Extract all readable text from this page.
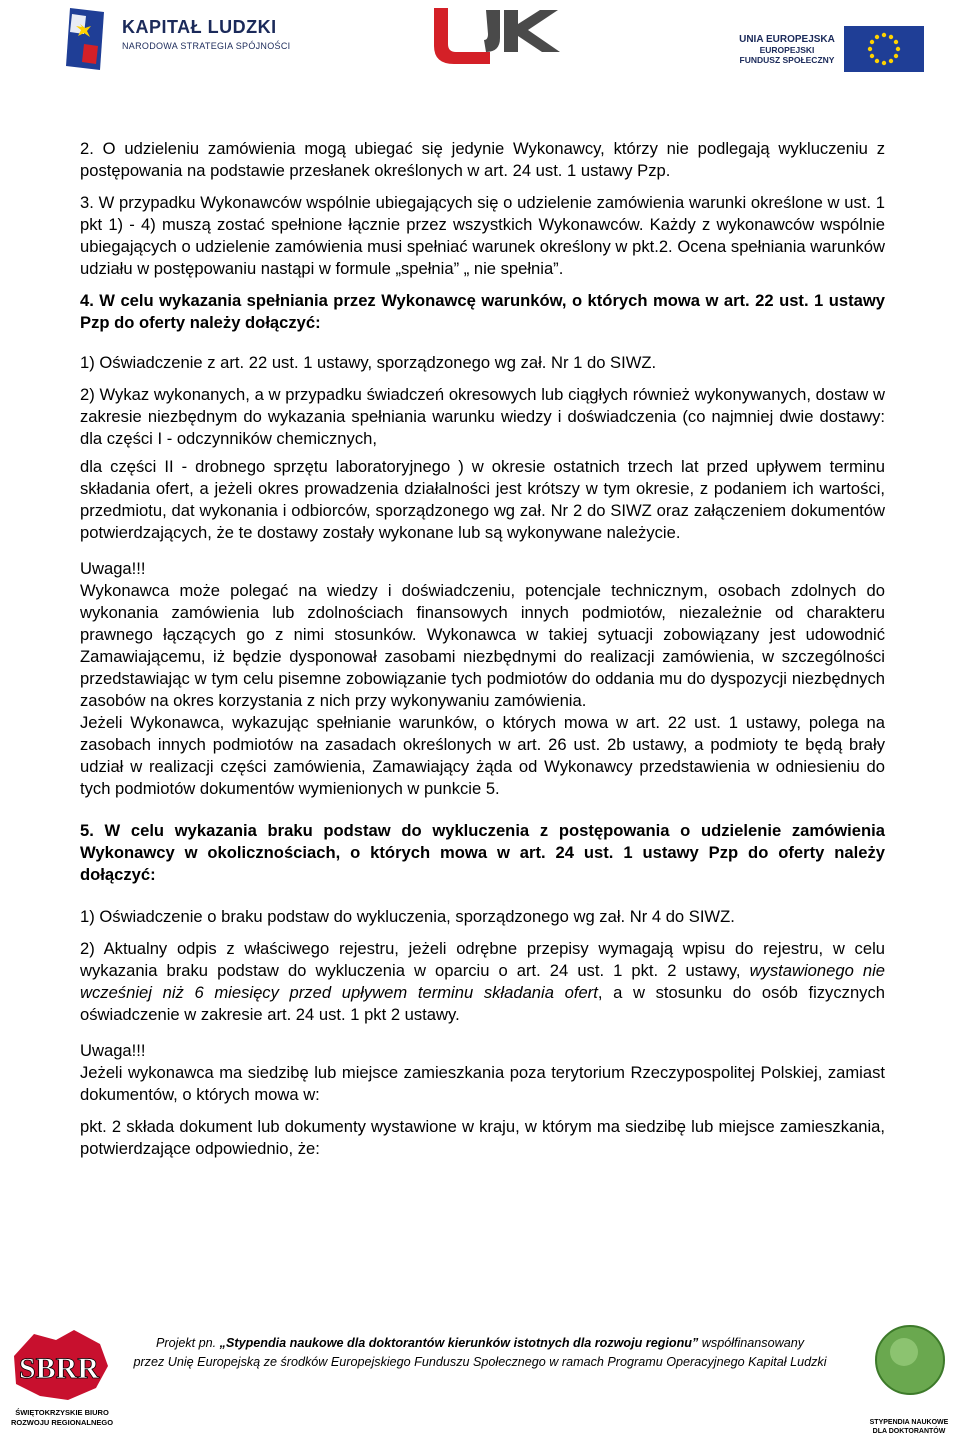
KAPITAŁ LUDZKI
NARODOWA STRATEGIA SPÓJNOŚCI
UNIA EUROPEJSKA
EUROPEJSKI
FUNDUSZ SPOŁECZNY

2. O udzieleniu zamówienia mogą ubiegać się jedynie Wykonawcy, którzy nie podlegają wykluczeniu z postępowania na podstawie przesłanek określonych w art. 24 ust. 1 ustawy Pzp.

3. W przypadku Wykonawców wspólnie ubiegających się o udzielenie zamówienia warunki określone w ust. 1 pkt 1) - 4) muszą zostać spełnione łącznie przez wszystkich Wykonawców. Każdy z wykonawców wspólnie ubiegających o udzielenie zamówienia musi spełniać warunek określony w pkt.2. Ocena spełniania warunków udziału w postępowaniu nastąpi w formule „spełnia” „ nie spełnia”.

4. W celu wykazania spełniania przez Wykonawcę warunków, o których mowa w art. 22 ust. 1 ustawy Pzp do oferty należy dołączyć:

1) Oświadczenie z art. 22 ust. 1 ustawy, sporządzonego wg zał. Nr 1 do SIWZ.

2) Wykaz wykonanych, a w przypadku świadczeń okresowych lub ciągłych również wykonywanych, dostaw w zakresie niezbędnym do wykazania spełniania warunku wiedzy i doświadczenia (co najmniej dwie dostawy: dla części I - odczynników chemicznych,

dla części II - drobnego sprzętu laboratoryjnego ) w okresie ostatnich trzech lat przed upływem terminu składania ofert, a jeżeli okres prowadzenia działalności jest krótszy w tym okresie, z podaniem ich wartości, przedmiotu, dat wykonania i odbiorców, sporządzonego wg zał. Nr 2 do SIWZ oraz załączeniem dokumentów potwierdzających, że te dostawy zostały wykonane lub są wykonywane należycie.

Uwaga!!!

Wykonawca może polegać na wiedzy i doświadczeniu, potencjale technicznym, osobach zdolnych do wykonania zamówienia lub zdolnościach finansowych innych podmiotów, niezależnie od charakteru prawnego łączących go z nimi stosunków. Wykonawca w takiej sytuacji zobowiązany jest udowodnić Zamawiającemu, iż będzie dysponował zasobami niezbędnymi do realizacji zamówienia, w szczególności przedstawiając w tym celu pisemne zobowiązanie tych podmiotów do oddania mu do dyspozycji niezbędnych zasobów na okres korzystania z nich przy wykonywaniu zamówienia.

Jeżeli Wykonawca, wykazując spełnianie warunków, o których mowa w art. 22 ust. 1 ustawy, polega na zasobach innych podmiotów na zasadach określonych w art. 26 ust. 2b ustawy, a podmioty te będą brały udział w realizacji części zamówienia, Zamawiający żąda od Wykonawcy przedstawienia w odniesieniu do tych podmiotów dokumentów wymienionych w punkcie 5.

5. W celu wykazania braku podstaw do wykluczenia z postępowania o udzielenie zamówienia Wykonawcy w okolicznościach, o których mowa w art. 24 ust. 1 ustawy Pzp do oferty należy dołączyć:

1) Oświadczenie o braku podstaw do wykluczenia, sporządzonego wg zał. Nr 4 do SIWZ.

2) Aktualny odpis z właściwego rejestru, jeżeli odrębne przepisy wymagają wpisu do rejestru, w celu wykazania braku podstaw do wykluczenia w oparciu o art. 24 ust. 1 pkt. 2 ustawy, wystawionego nie wcześniej niż 6 miesięcy przed upływem terminu składania ofert, a w stosunku do osób fizycznych oświadczenie w zakresie art. 24 ust. 1 pkt 2 ustawy.

Uwaga!!!

Jeżeli wykonawca ma siedzibę lub miejsce zamieszkania poza terytorium Rzeczypospolitej Polskiej, zamiast dokumentów, o których mowa w:

pkt. 2 składa dokument lub dokumenty wystawione w kraju, w którym ma siedzibę lub miejsce zamieszkania, potwierdzające odpowiednio, że:

SBRR
ŚWIĘTOKRZYSKIE BIURO
ROZWOJU REGIONALNEGO
Projekt pn. „Stypendia naukowe dla doktorantów kierunków istotnych dla rozwoju regionu” współfinansowany
przez Unię Europejską ze środków Europejskiego Funduszu Społecznego w ramach Programu Operacyjnego Kapitał Ludzki
STYPENDIA NAUKOWE
DLA DOKTORANTÓW
